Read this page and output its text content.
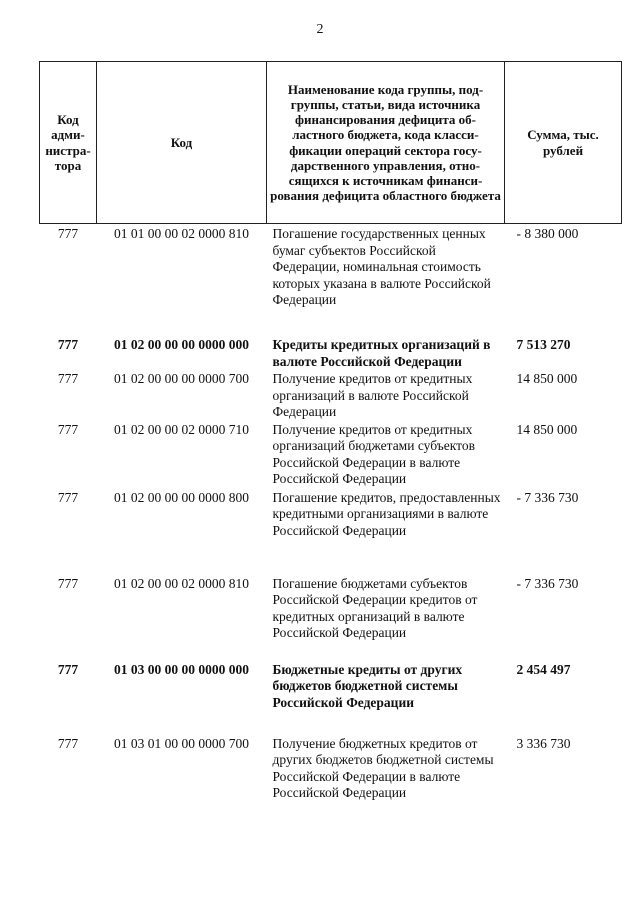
2
Код адми-нистра-тора	Код	Наименование кода группы, под-группы, статьи, вида источника финансирования дефицита об-ластного бюджета, кода класси-фикации операций сектора госу-дарственного управления, отно-сящихся к источникам финанси-рования дефицита областного бюджета	Сумма, тыс. рублей
777	01 01 00 00 02 0000 810	Погашение государственных ценных бумаг субъектов Российской Федерации, номинальная стоимость которых указана в валюте Российской Федерации	- 8 380 000
777	01 02 00 00 00 0000 000	Кредиты кредитных организаций в валюте Российской Федерации	7 513 270
777	01 02 00 00 00 0000 700	Получение кредитов от кредитных организаций в валюте Российской Федерации	14 850 000
777	01 02 00 00 02 0000 710	Получение кредитов от кредитных организаций бюджетами субъектов Российской Федерации в валюте Российской Федерации	14 850 000
777	01 02 00 00 00 0000 800	Погашение кредитов, предоставленных кредитными организациями в валюте Российской Федерации	- 7 336 730
777	01 02 00 00 02 0000 810	Погашение бюджетами субъектов Российской Федерации кредитов от кредитных организаций в валюте Российской Федерации	- 7 336 730
777	01 03 00 00 00 0000 000	Бюджетные кредиты от других бюджетов бюджетной системы Российской Федерации	2 454 497
777	01 03 01 00 00 0000 700	Получение бюджетных кредитов от других бюджетов бюджетной системы Российской Федерации в валюте Российской Федерации	3 336 730
